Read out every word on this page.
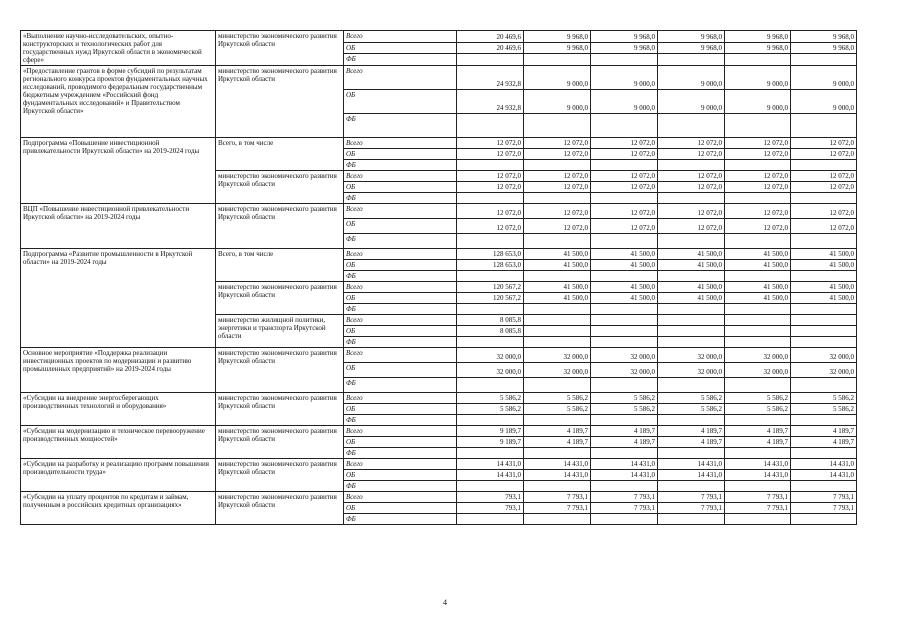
«Выполнение научно-исследовательских, опытно-конструкторских и технологических работ для государственных нужд Иркутской области в экономической сфере»	министерство экономического развития Иркутской области	Всего	20 469,6	9 968,0	9 968,0	9 968,0	9 968,0	9 968,0
		ОБ	20 469,6	9 968,0	9 968,0	9 968,0	9 968,0	9 968,0
		ФБ						
«Предоставление грантов в форме субсидий по результатам регионального конкурса проектов фундаментальных научных исследований, проводимого федеральным государственным бюджетным учреждением «Российский фонд фундаментальных исследований» и Правительством Иркутской области»	министерство экономического развития Иркутской области	Всего	24 932,8	9 000,0	9 000,0	9 000,0	9 000,0	9 000,0
		ОБ	24 932,8	9 000,0	9 000,0	9 000,0	9 000,0	9 000,0
		ФБ						
Подпрограмма «Повышение инвестиционной привлекательности Иркутской области» на 2019-2024 годы	Всего, в том числе	Всего	12 072,0	12 072,0	12 072,0	12 072,0	12 072,0	12 072,0
		ОБ	12 072,0	12 072,0	12 072,0	12 072,0	12 072,0	12 072,0
		ФБ						
	министерство экономического развития Иркутской области	Всего	12 072,0	12 072,0	12 072,0	12 072,0	12 072,0	12 072,0
		ОБ	12 072,0	12 072,0	12 072,0	12 072,0	12 072,0	12 072,0
		ФБ						
ВЦП «Повышение инвестиционной привлекательности Иркутской области» на 2019-2024 годы	министерство экономического развития Иркутской области	Всего	12 072,0	12 072,0	12 072,0	12 072,0	12 072,0	12 072,0
		ОБ	12 072,0	12 072,0	12 072,0	12 072,0	12 072,0	12 072,0
		ФБ						
Подпрограмма «Развитие промышленности в Иркутской области» на 2019-2024 годы	Всего, в том числе	Всего	128 653,0	41 500,0	41 500,0	41 500,0	41 500,0	41 500,0
		ОБ	128 653,0	41 500,0	41 500,0	41 500,0	41 500,0	41 500,0
		ФБ						
	министерство экономического развития Иркутской области	Всего	120 567,2	41 500,0	41 500,0	41 500,0	41 500,0	41 500,0
		ОБ	120 567,2	41 500,0	41 500,0	41 500,0	41 500,0	41 500,0
		ФБ						
	министерство жилищной политики, энергетики и транспорта Иркутской области	Всего	8 085,8					
		ОБ	8 085,8					
		ФБ						
Основное мероприятие «Поддержка реализации инвестиционных проектов по модернизации и развитию промышленных предприятий» на 2019-2024 годы	министерство экономического развития Иркутской области	Всего	32 000,0	32 000,0	32 000,0	32 000,0	32 000,0	32 000,0
		ОБ	32 000,0	32 000,0	32 000,0	32 000,0	32 000,0	32 000,0
		ФБ						
«Субсидии на внедрение энергосберегающих производственных технологий и оборудования»	министерство экономического развития Иркутской области	Всего	5 586,2	5 586,2	5 586,2	5 586,2	5 586,2	5 586,2
		ОБ	5 586,2	5 586,2	5 586,2	5 586,2	5 586,2	5 586,2
		ФБ						
«Субсидии на модернизацию и техническое перевооружение производственных мощностей»	министерство экономического развития Иркутской области	Всего	9 189,7	4 189,7	4 189,7	4 189,7	4 189,7	4 189,7
		ОБ	9 189,7	4 189,7	4 189,7	4 189,7	4 189,7	4 189,7
		ФБ						
«Субсидии на разработку и реализацию программ повышения производительности труда»	министерство экономического развития Иркутской области	Всего	14 431,0	14 431,0	14 431,0	14 431,0	14 431,0	14 431,0
		ОБ	14 431,0	14 431,0	14 431,0	14 431,0	14 431,0	14 431,0
		ФБ						
«Субсидии на уплату процентов по кредитам и займам, полученным в российских кредитных организациях»	министерство экономического развития Иркутской области	Всего	793,1	7 793,1	7 793,1	7 793,1	7 793,1	7 793,1
		ОБ	793,1	7 793,1	7 793,1	7 793,1	7 793,1	7 793,1
		ФБ						
4
